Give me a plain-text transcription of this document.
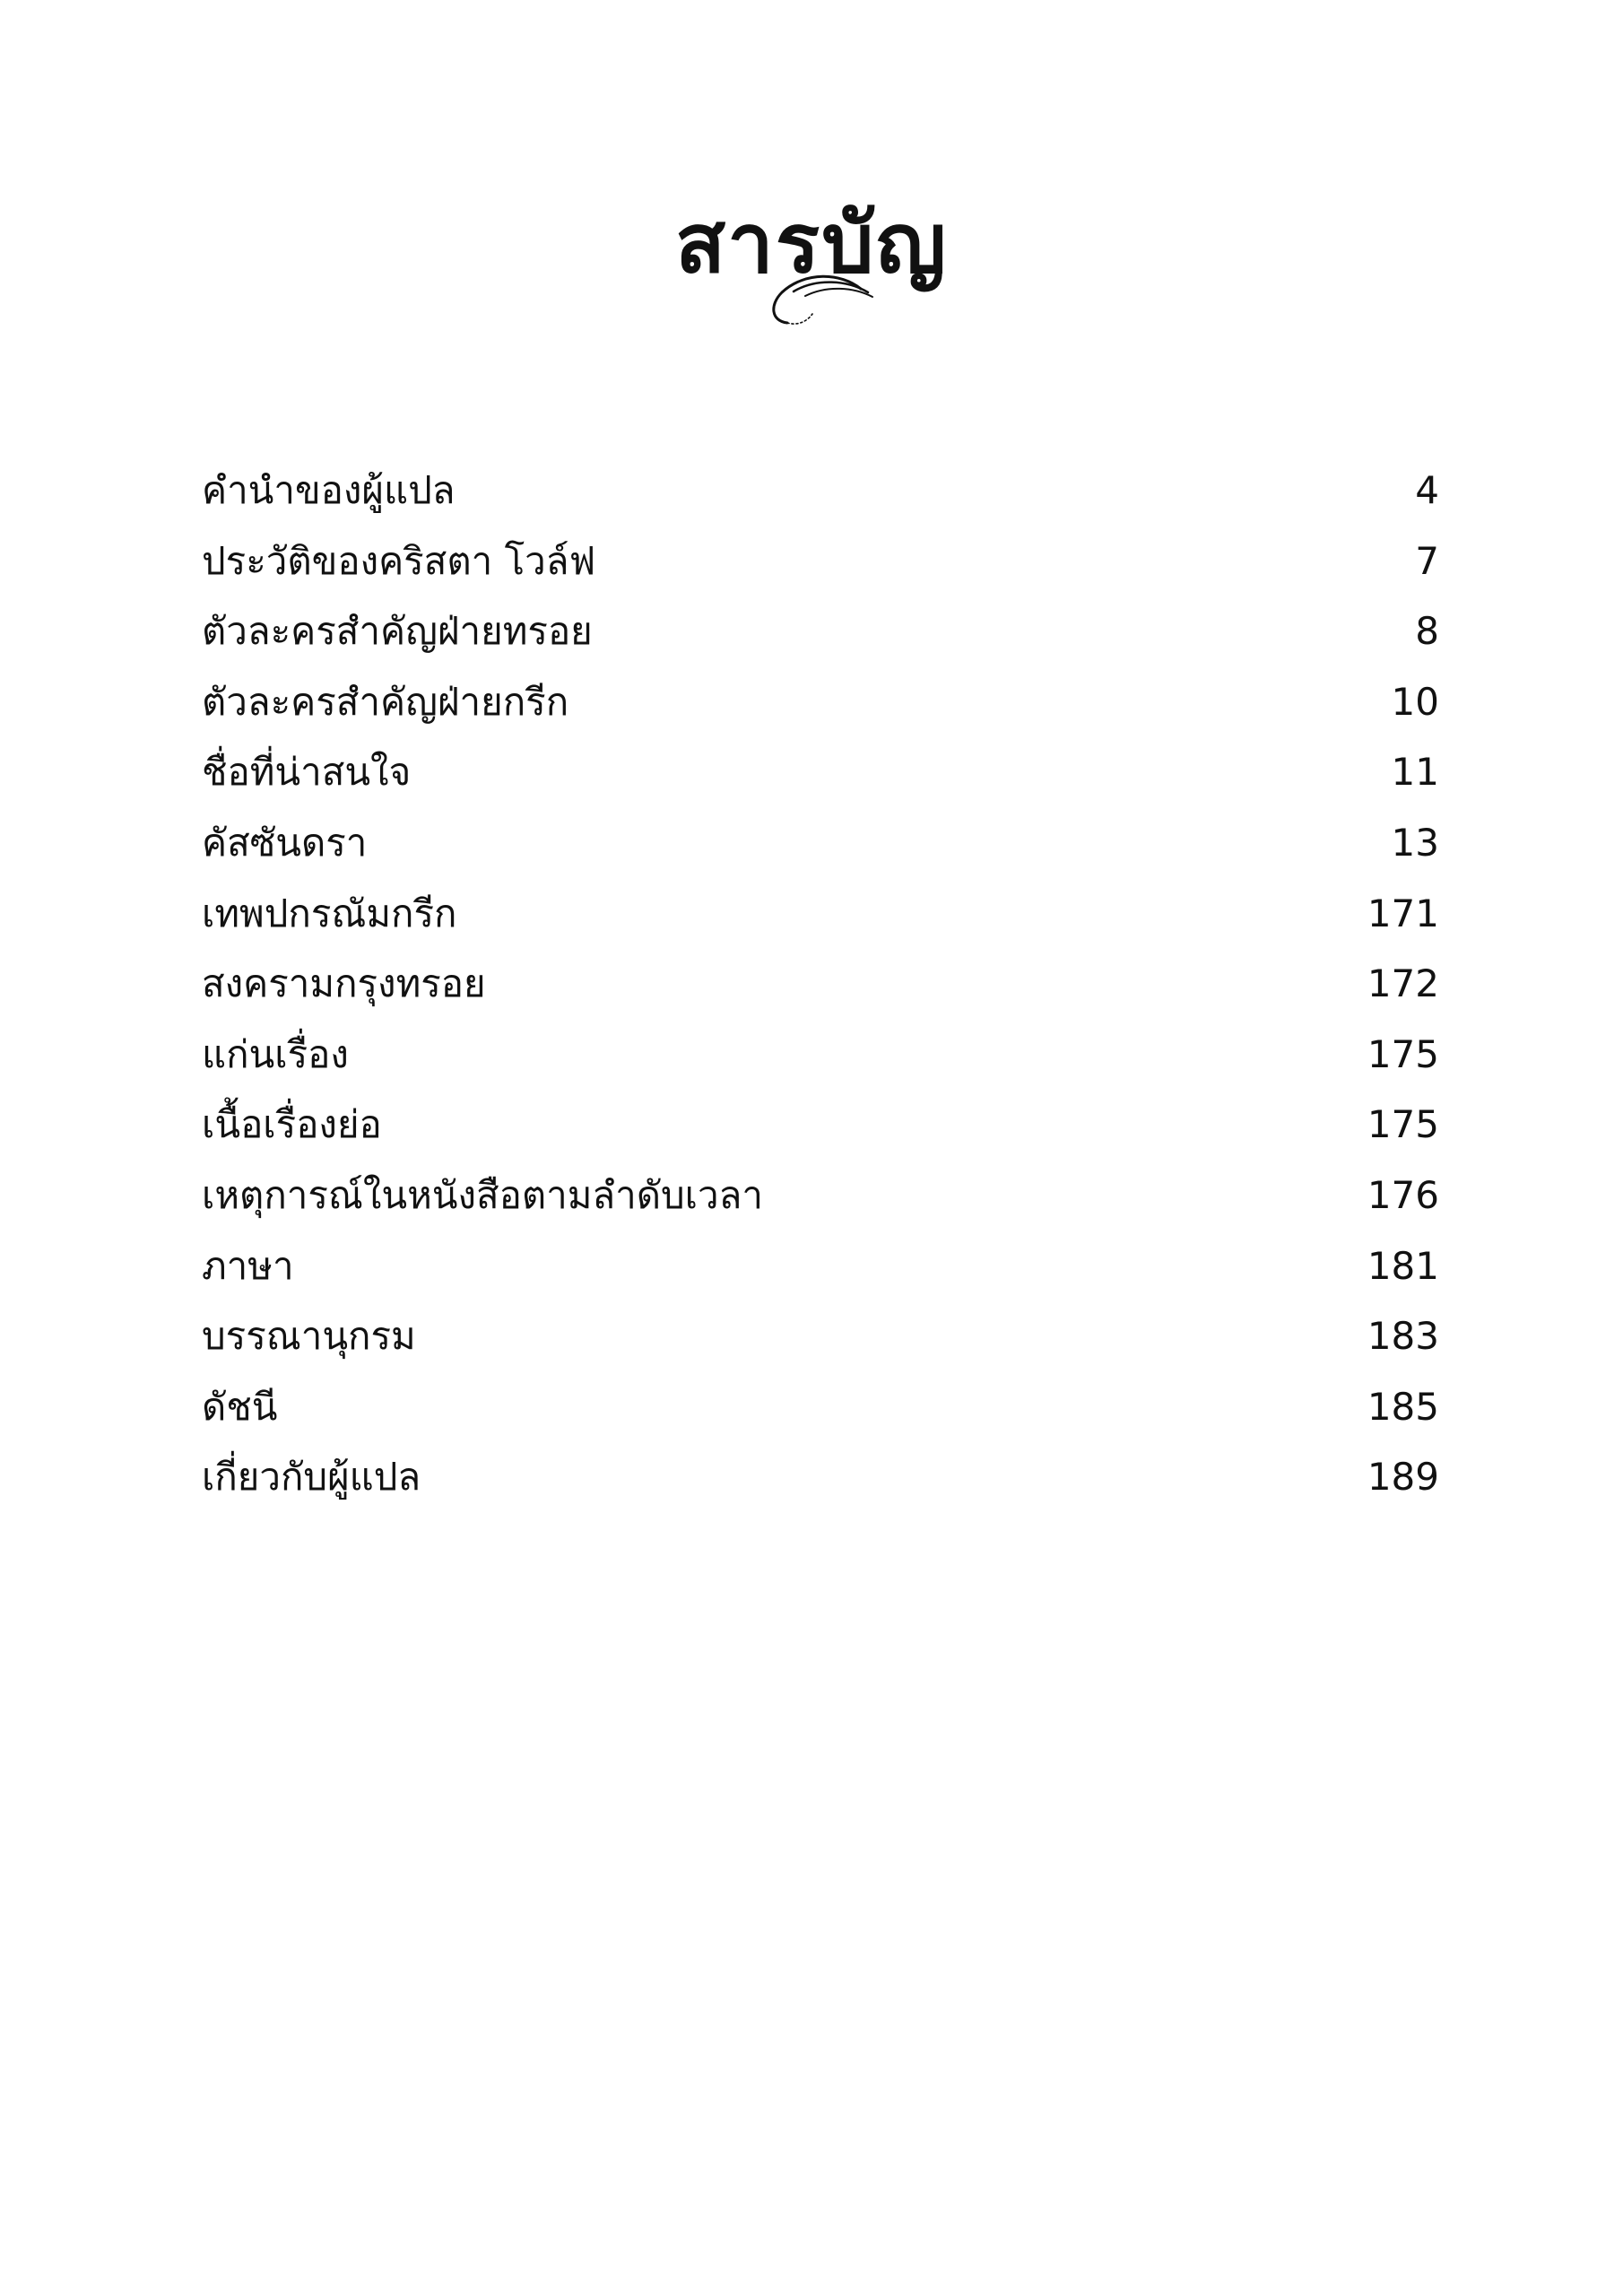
สารบัญ
คำนำของผู้แปล	4
ประวัติของคริสตา โวล์ฟ	7
ตัวละครสำคัญฝ่ายทรอย	8
ตัวละครสำคัญฝ่ายกรีก	10
ชื่อที่น่าสนใจ	11
คัสซันดรา	13
เทพปกรณัมกรีก	171
สงครามกรุงทรอย	172
แก่นเรื่อง	175
เนื้อเรื่องย่อ	175
เหตุการณ์ในหนังสือตามลำดับเวลา	176
ภาษา	181
บรรณานุกรม	183
ดัชนี	185
เกี่ยวกับผู้แปล	189
